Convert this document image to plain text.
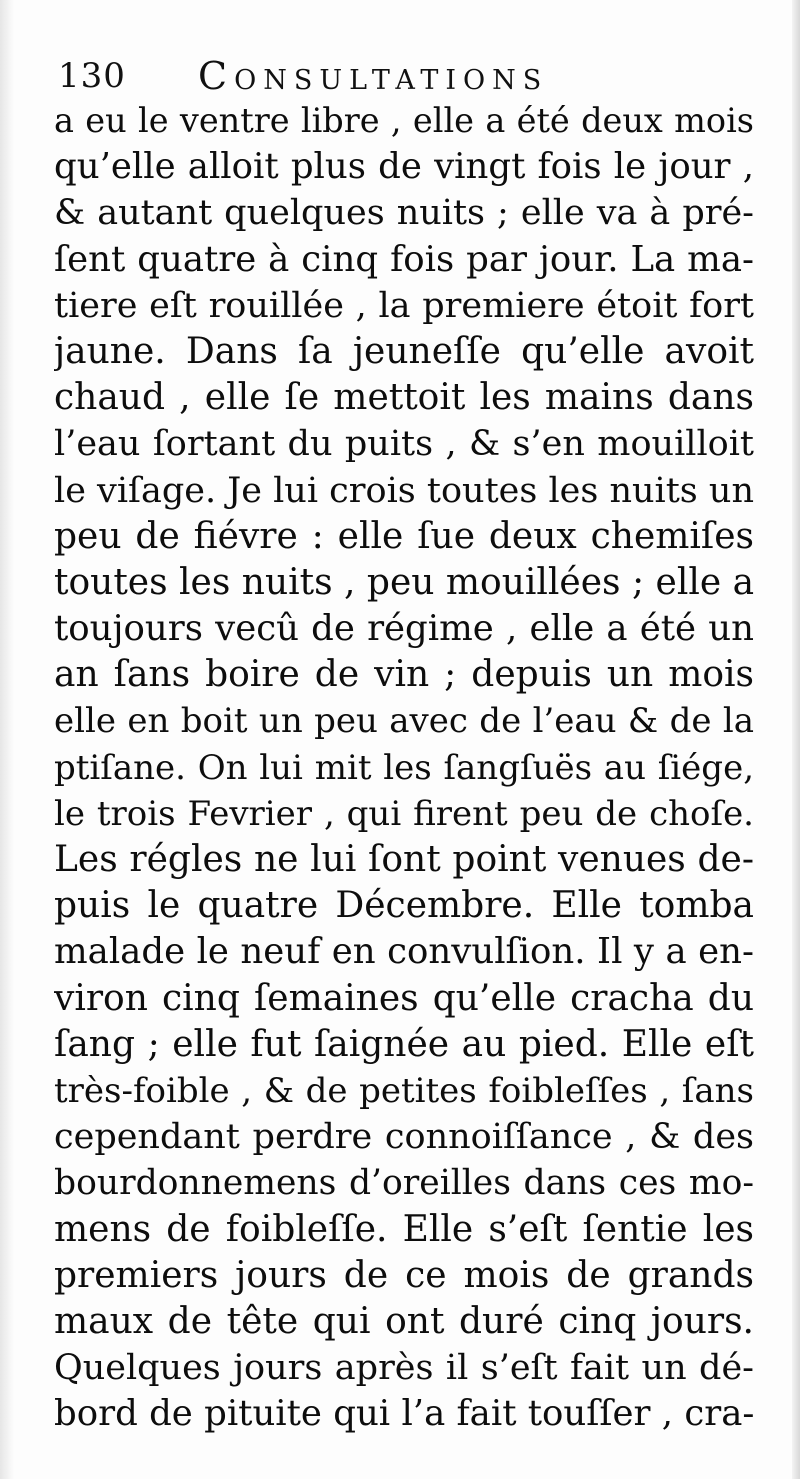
130 Consultations
a eu le ventre libre , elle a été deux mois
qu’elle alloit plus de vingt fois le jour ,
& autant quelques nuits ; elle va à pré-
ſent quatre à cinq fois par jour. La ma-
tiere eſt rouillée , la premiere étoit fort
jaune. Dans ſa jeuneſſe qu’elle avoit
chaud , elle ſe mettoit les mains dans
l’eau ſortant du puits , & s’en mouilloit
le viſage. Je lui crois toutes les nuits un
peu de fiévre : elle ſue deux chemiſes
toutes les nuits , peu mouillées ; elle a
toujours vecû de régime , elle a été un
an ſans boire de vin ; depuis un mois
elle en boit un peu avec de l’eau & de la
ptiſane. On lui mit les ſangſuës au ſiége,
le trois Fevrier , qui firent peu de choſe.
Les régles ne lui ſont point venues de-
puis le quatre Décembre. Elle tomba
malade le neuf en convulſion. Il y a en-
viron cinq ſemaines qu’elle cracha du
ſang ; elle fut ſaignée au pied. Elle eſt
très-foible , & de petites foibleſſes , ſans
cependant perdre connoiſſance , & des
bourdonnemens d’oreilles dans ces mo-
mens de foibleſſe. Elle s’eſt ſentie les
premiers jours de ce mois de grands
maux de tête qui ont duré cinq jours.
Quelques jours après il s’eſt fait un dé-
bord de pituite qui l’a fait touſſer , cra-
